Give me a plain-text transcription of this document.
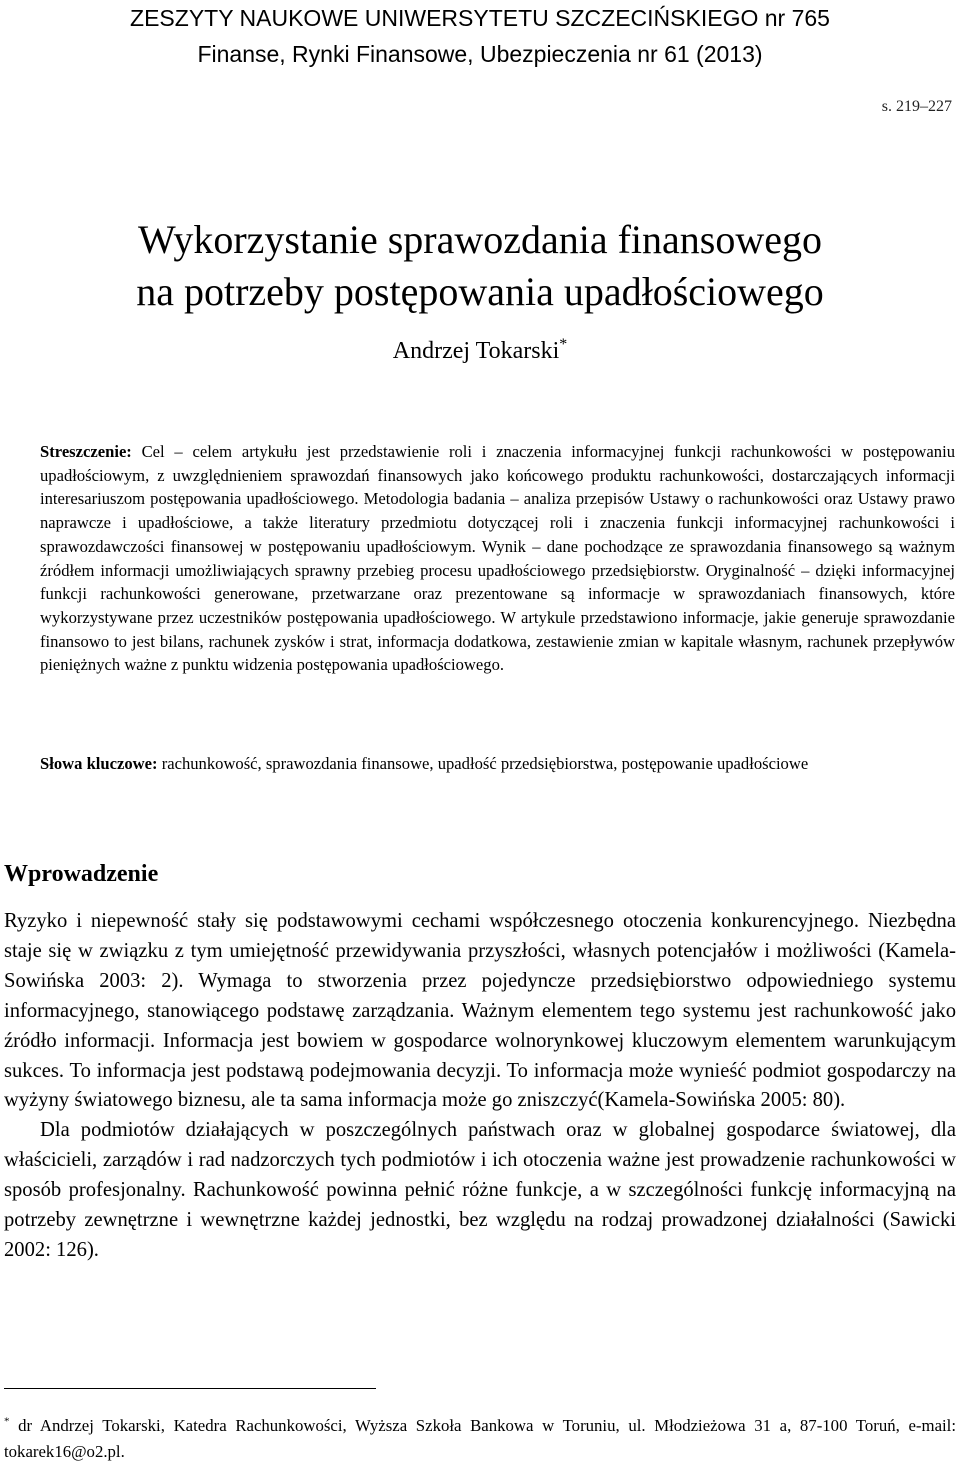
ZESZYTY NAUKOWE UNIWERSYTETU SZCZECIŃSKIEGO nr 765
Finanse, Rynki Finansowe, Ubezpieczenia nr 61 (2013)
s. 219–227
Wykorzystanie sprawozdania finansowego
na potrzeby postępowania upadłościowego
Andrzej Tokarski*
Streszczenie: Cel – celem artykułu jest przedstawienie roli i znaczenia informacyjnej funkcji rachunkowości w postępowaniu upadłościowym, z uwzględnieniem sprawozdań finansowych jako końcowego produktu rachunkowości, dostarczających informacji interesariuszom postępowania upadłościowego. Metodologia badania – analiza przepisów Ustawy o rachunkowości oraz Ustawy prawo naprawcze i upadłościowe, a także literatury przedmiotu dotyczącej roli i znaczenia funkcji informacyjnej rachunkowości i sprawozdawczości finansowej w postępowaniu upadłościowym. Wynik – dane pochodzące ze sprawozdania finansowego są ważnym źródłem informacji umożliwiających sprawny przebieg procesu upadłościowego przedsiębiorstw. Oryginalność – dzięki informacyjnej funkcji rachunkowości generowane, przetwarzane oraz prezentowane są informacje w sprawozdaniach finansowych, które wykorzystywane przez uczestników postępowania upadłościowego. W artykule przedstawiono informacje, jakie generuje sprawozdanie finansowo to jest bilans, rachunek zysków i strat, informacja dodatkowa, zestawienie zmian w kapitale własnym, rachunek przepływów pieniężnych ważne z punktu widzenia postępowania upadłościowego.
Słowa kluczowe: rachunkowość, sprawozdania finansowe, upadłość przedsiębiorstwa, postępowanie upadłościowe
Wprowadzenie

Ryzyko i niepewność stały się podstawowymi cechami współczesnego otoczenia konkurencyjnego. Niezbędna staje się w związku z tym umiejętność przewidywania przyszłości, własnych potencjałów i możliwości (Kamela-Sowińska 2003: 2). Wymaga to stworzenia przez pojedyncze przedsiębiorstwo odpowiedniego systemu informacyjnego, stanowiącego podstawę zarządzania. Ważnym elementem tego systemu jest rachunkowość jako źródło informacji. Informacja jest bowiem w gospodarce wolnorynkowej kluczowym elementem warunkującym sukces. To informacja jest podstawą podejmowania decyzji. To informacja może wynieść podmiot gospodarczy na wyżyny światowego biznesu, ale ta sama informacja może go zniszczyć(Kamela-Sowińska 2005: 80).

Dla podmiotów działających w poszczególnych państwach oraz w globalnej gospodarce światowej, dla właścicieli, zarządów i rad nadzorczych tych podmiotów i ich otoczenia ważne jest prowadzenie rachunkowości w sposób profesjonalny. Rachunkowość powinna pełnić różne funkcje, a w szczególności funkcję informacyjną na potrzeby zewnętrzne i wewnętrzne każdej jednostki, bez względu na rodzaj prowadzonej działalności (Sawicki 2002: 126).

* dr Andrzej Tokarski, Katedra Rachunkowości, Wyższa Szkoła Bankowa w Toruniu, ul. Młodzieżowa 31 a, 87-100 Toruń, e-mail: tokarek16@o2.pl.
